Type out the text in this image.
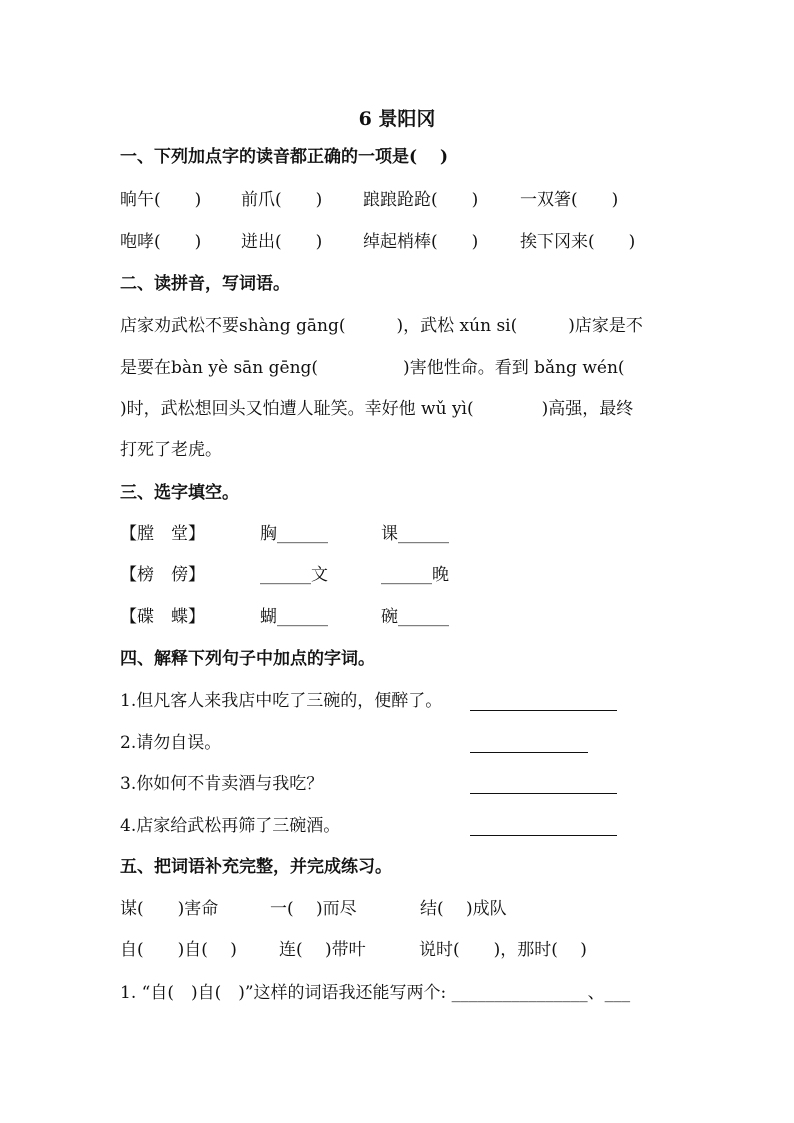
6 景阳冈
一、下列加点字的读音都正确的一项是(　 )
晌午(　　) 前爪(　　) 踉踉跄跄(　　) 一双箸(　　)
咆哮(　　) 迸出(　　) 绰起梢棒(　　) 挨下冈来(　　)
二、读拼音，写词语。
店家劝武松不要shàng gāng(　　　)，武松 xún si(　　　)店家是不
是要在bàn yè sān gēng(　　　　　)害他性命。看到 bǎng wén(
)时，武松想回头又怕遭人耻笑。幸好他 wǔ yì(　　　　)高强，最终
打死了老虎。
三、选字填空。
【膛　堂】	胸______	课______
【榜　傍】	______文	______晚
【碟　蝶】	蝴______	碗______
四、解释下列句子中加点的字词。
1.但凡客人来我店中吃了三碗的，便醉了。
2.请勿自误。
3.你如何不肯卖酒与我吃？
4.店家给武松再筛了三碗酒。
五、把词语补充完整，并完成练习。
谋(　　)害命	一(　 )而尽	结(　 )成队
自(　　)自(　 ) 连(　 )带叶	说时(　　)，那时(　 )
1. “自(　)自(　)”这样的词语我还能写两个: ________________、___
